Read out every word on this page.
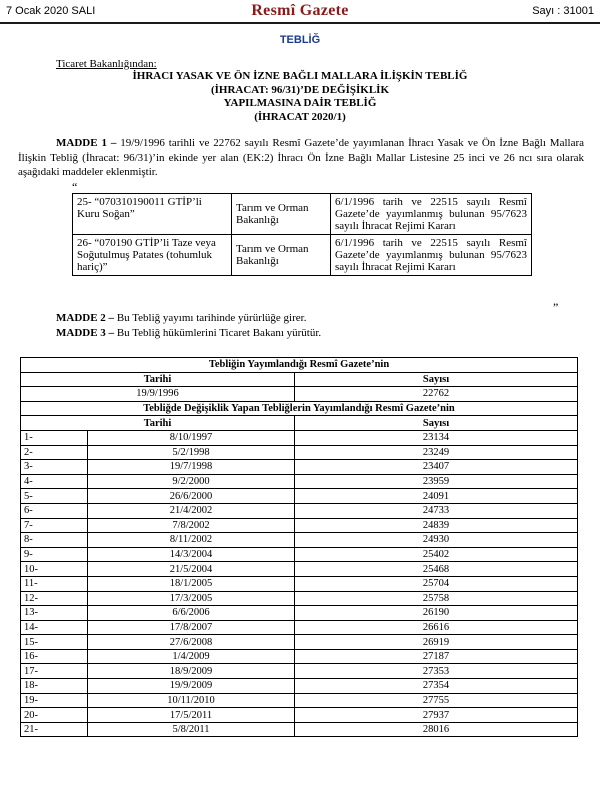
7 Ocak 2020 SALI	Resmî Gazete	Sayı : 31001
TEBLİĞ
Ticaret Bakanlığından:
İHRACI YASAK VE ÖN İZNE BAĞLI MALLARA İLİŞKİN TEBLİĞ
(İHRACAT: 96/31)’DE DEĞİŞİKLİK
YAPILMASINA DAİR TEBLİĞ
(İHRACAT 2020/1)
MADDE 1 – 19/9/1996 tarihli ve 22762 sayılı Resmî Gazete’de yayımlanan İhracı Yasak ve Ön İzne Bağlı Mallara İlişkin Tebliğ (İhracat: 96/31)’in ekinde yer alan (EK:2) İhracı Ön İzne Bağlı Mallar Listesine 25 inci ve 26 ncı sıra olarak aşağıdaki maddeler eklenmiştir.
“
25- “070310190011 GTİP’li Kuru Soğan”	Tarım ve Orman Bakanlığı	6/1/1996 tarih ve 22515 sayılı Resmî Gazete’de yayımlanmış bulunan 95/7623 sayılı İhracat Rejimi Kararı
26- “070190 GTİP’li Taze veya Soğutulmuş Patates (tohumluk hariç)”	Tarım ve Orman Bakanlığı	6/1/1996 tarih ve 22515 sayılı Resmî Gazete’de yayımlanmış bulunan 95/7623 sayılı İhracat Rejimi Kararı
”
MADDE 2 – Bu Tebliğ yayımı tarihinde yürürlüğe girer.
MADDE 3 – Bu Tebliğ hükümlerini Ticaret Bakanı yürütür.
Tebliğin Yayımlandığı Resmî Gazete’nin		
Tarihi		Sayısı
19/9/1996		22762
Tebliğde Değişiklik Yapan Tebliğlerin Yayımlandığı Resmî Gazete’nin		
Tarihi		Sayısı
1-	8/10/1997	23134
2-	5/2/1998	23249
3-	19/7/1998	23407
4-	9/2/2000	23959
5-	26/6/2000	24091
6-	21/4/2002	24733
7-	7/8/2002	24839
8-	8/11/2002	24930
9-	14/3/2004	25402
10-	21/5/2004	25468
11-	18/1/2005	25704
12-	17/3/2005	25758
13-	6/6/2006	26190
14-	17/8/2007	26616
15-	27/6/2008	26919
16-	1/4/2009	27187
17-	18/9/2009	27353
18-	19/9/2009	27354
19-	10/11/2010	27755
20-	17/5/2011	27937
21-	5/8/2011	28016
